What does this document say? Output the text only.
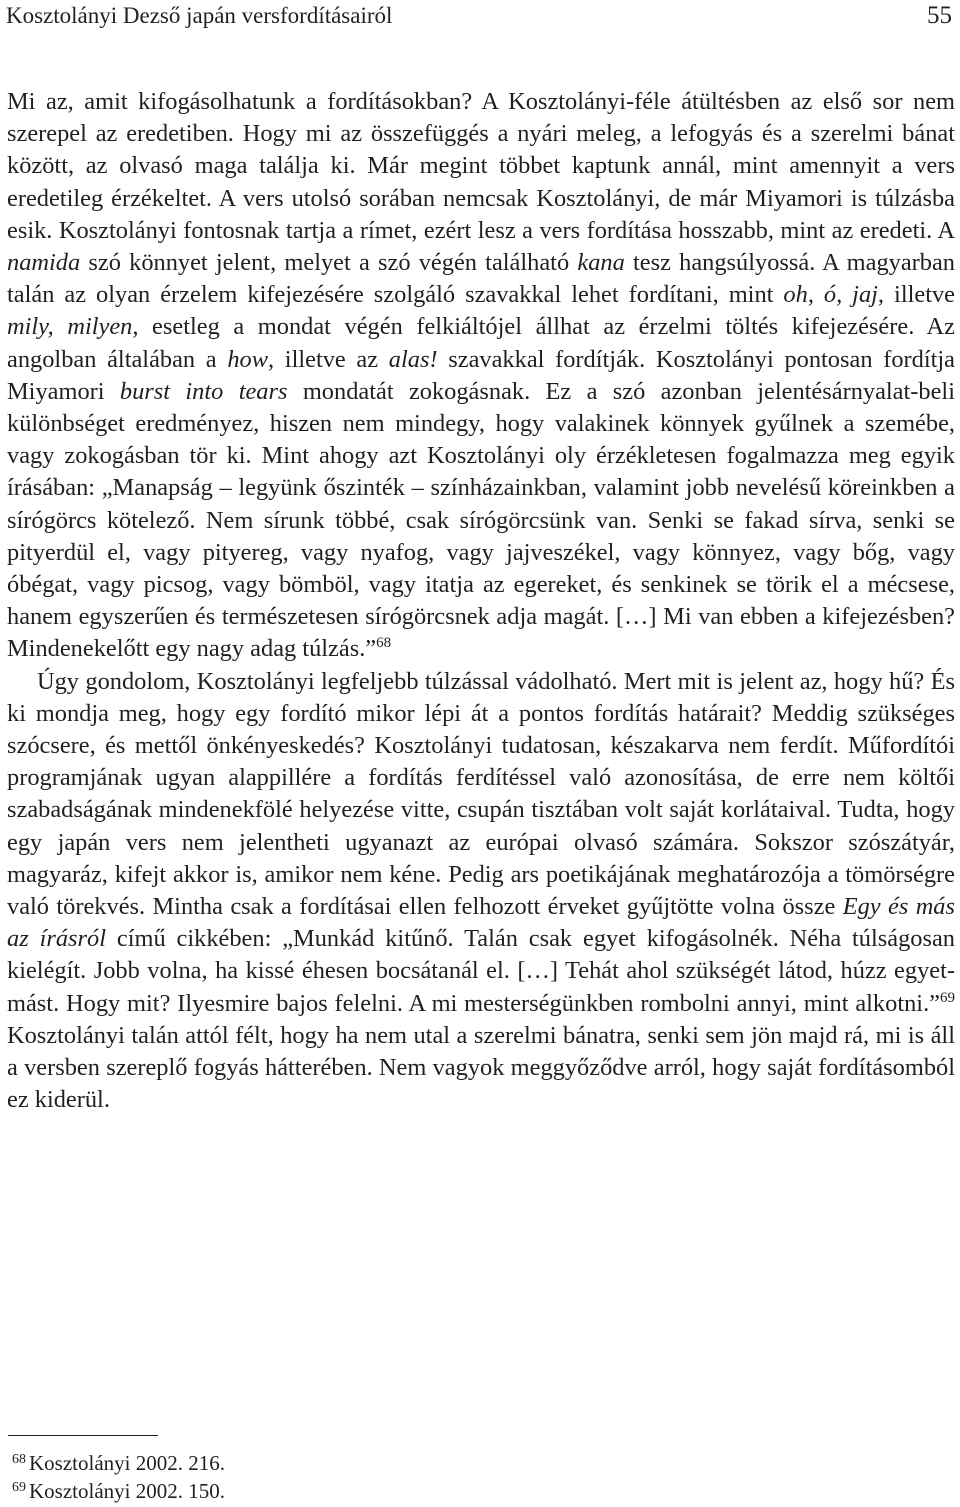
Kosztolányi Dezső japán versfordításairól	55

Mi az, amit kifogásolhatunk a fordításokban? A Kosztolányi-féle átültésben az első sor nem szerepel az eredetiben. Hogy mi az összefüggés a nyári meleg, a lefogyás és a szerelmi bánat között, az olvasó maga találja ki. Már megint többet kaptunk annál, mint amennyit a vers eredetileg érzékeltet. A vers utolsó sorában nemcsak Kosztolányi, de már Miyamori is túlzásba esik. Kosztolányi fontosnak tartja a rímet, ezért lesz a vers fordítása hosszabb, mint az eredeti. A namida szó könnyet jelent, melyet a szó végén található kana tesz hangsúlyossá. A magyarban talán az olyan érzelem kifejezésére szolgáló szavakkal lehet fordítani, mint oh, ó, jaj, illetve mily, milyen, esetleg a mondat végén felkiáltójel állhat az érzelmi töltés kifejezésére. Az angolban általában a how, illetve az alas! szavakkal fordítják. Kosztolányi pontosan fordítja Miyamori burst into tears mondatát zokogásnak. Ez a szó azonban jelentésárnyalat-beli különbséget eredményez, hiszen nem mindegy, hogy valakinek könnyek gyűlnek a szemébe, vagy zokogásban tör ki. Mint ahogy azt Kosztolányi oly érzékletesen fogalmazza meg egyik írásában: „Manapság – legyünk őszinték – színházainkban, valamint jobb nevelésű köreinkben a sírógörcs kötelező. Nem sírunk többé, csak sírógörcsünk van. Senki se fakad sírva, senki se pityerdül el, vagy pityereg, vagy nyafog, vagy jajveszékel, vagy könnyez, vagy bőg, vagy óbégat, vagy picsog, vagy bömböl, vagy itatja az egereket, és senkinek se törik el a mécsese, hanem egyszerűen és természetesen sírógörcsnek adja magát. […] Mi van ebben a kifejezésben? Mindenekelőtt egy nagy adag túlzás.”$^{68}$

Úgy gondolom, Kosztolányi legfeljebb túlzással vádolható. Mert mit is jelent az, hogy hű? És ki mondja meg, hogy egy fordító mikor lépi át a pontos fordítás határait? Meddig szükséges szócsere, és mettől önkényeskedés? Kosztolányi tudatosan, készakarva nem ferdít. Műfordítói programjának ugyan alappillére a fordítás ferdítéssel való azonosítása, de erre nem költői szabadságának mindenekfölé helyezése vitte, csupán tisztában volt saját korlátaival. Tudta, hogy egy japán vers nem jelentheti ugyanazt az európai olvasó számára. Sokszor szószátyár, magyaráz, kifejt akkor is, amikor nem kéne. Pedig ars poetikájának meghatározója a tömörségre való törekvés. Mintha csak a fordításai ellen felhozott érveket gyűjtötte volna össze Egy és más az írásról című cikkében: „Munkád kitűnő. Talán csak egyet kifogásolnék. Néha túlságosan kielégít. Jobb volna, ha kissé éhesen bocsátanál el. […] Tehát ahol szükségét látod, húzz egyet-mást. Hogy mit? Ilyesmire bajos felelni. A mi mesterségünkben rombolni annyi, mint alkotni.”$^{69}$ Kosztolányi talán attól félt, hogy ha nem utal a szerelmi bánatra, senki sem jön majd rá, mi is áll a versben szereplő fogyás hátterében. Nem vagyok meggyőződve arról, hogy saját fordításomból ez kiderül.

$^{68}$ Kosztolányi 2002. 216.
$^{69}$ Kosztolányi 2002. 150.
